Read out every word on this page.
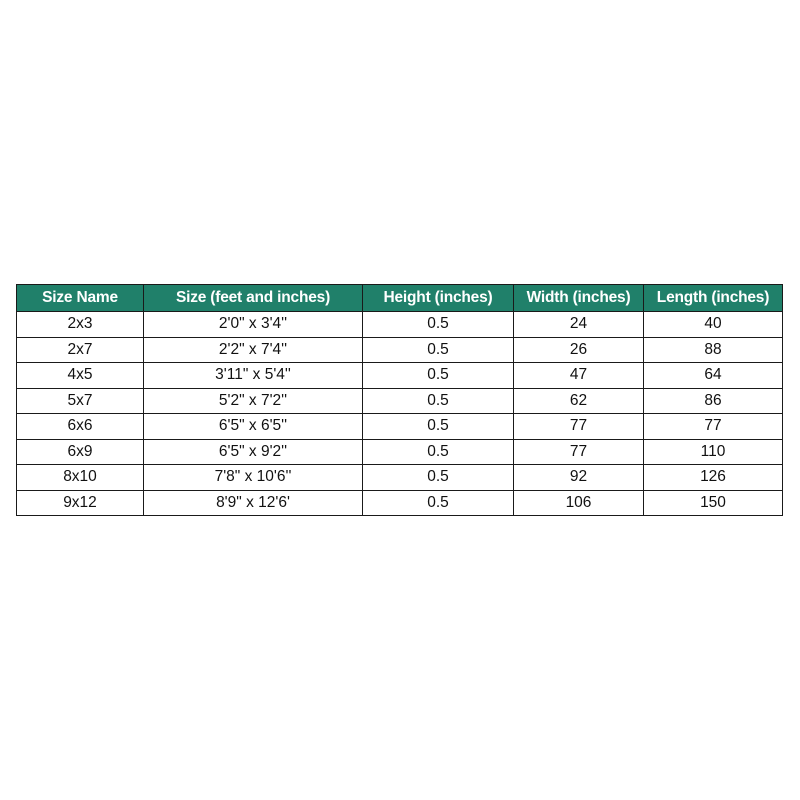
Size Name	Size (feet and inches)	Height (inches)	Width (inches)	Length (inches)
2x3	2'0" x 3'4''	0.5	24	40
2x7	2'2" x 7'4''	0.5	26	88
4x5	3'11" x 5'4''	0.5	47	64
5x7	5'2" x 7'2''	0.5	62	86
6x6	6'5" x 6'5''	0.5	77	77
6x9	6'5" x 9'2''	0.5	77	110
8x10	7'8" x 10'6''	0.5	92	126
9x12	8'9" x 12'6'	0.5	106	150
